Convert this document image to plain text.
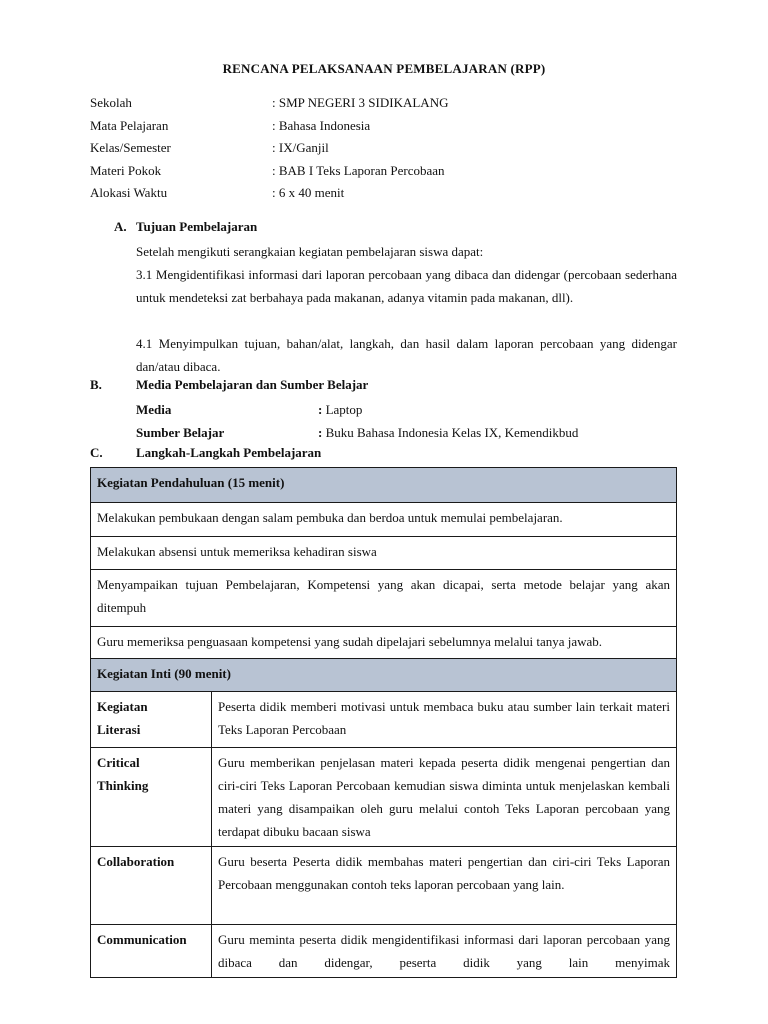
RENCANA PELAKSANAAN PEMBELAJARAN (RPP)
Sekolah	: SMP NEGERI 3 SIDIKALANG
Mata Pelajaran	: Bahasa Indonesia
Kelas/Semester	: IX/Ganjil
Materi Pokok	: BAB I Teks Laporan Percobaan
Alokasi Waktu	: 6 x 40 menit
A. Tujuan Pembelajaran
Setelah mengikuti serangkaian kegiatan pembelajaran siswa dapat:
3.1 Mengidentifikasi informasi dari laporan percobaan yang dibaca dan didengar (percobaan sederhana untuk mendeteksi zat berbahaya pada makanan, adanya vitamin pada makanan, dll).
4.1 Menyimpulkan tujuan, bahan/alat, langkah, dan hasil dalam laporan percobaan yang didengar dan/atau dibaca.
B.	Media Pembelajaran dan Sumber Belajar
Media	: Laptop
Sumber Belajar	: Buku Bahasa Indonesia Kelas IX, Kemendikbud
C.	Langkah-Langkah Pembelajaran
Kegiatan Pendahuluan (15 menit)	
Melakukan pembukaan dengan salam pembuka dan berdoa untuk memulai pembelajaran.	
Melakukan absensi untuk memeriksa kehadiran siswa	
Menyampaikan tujuan Pembelajaran, Kompetensi yang akan dicapai, serta metode belajar yang akan ditempuh	
Guru memeriksa penguasaan kompetensi yang sudah dipelajari sebelumnya melalui tanya jawab.	
Kegiatan Inti (90 menit)	
Kegiatan
Literasi	Peserta didik memberi motivasi untuk membaca buku atau sumber lain terkait materi Teks Laporan Percobaan
Critical
Thinking	Guru memberikan penjelasan materi kepada peserta didik mengenai pengertian dan ciri-ciri Teks Laporan Percobaan kemudian siswa diminta untuk menjelaskan kembali materi yang disampaikan oleh guru melalui contoh Teks Laporan percobaan yang terdapat dibuku bacaan siswa
Collaboration	Guru beserta Peserta didik membahas materi pengertian dan ciri-ciri Teks Laporan Percobaan menggunakan contoh teks laporan percobaan yang lain.
Communication	Guru meminta peserta didik mengidentifikasi informasi dari laporan percobaan yang dibaca dan didengar, peserta didik yang lain menyimak
